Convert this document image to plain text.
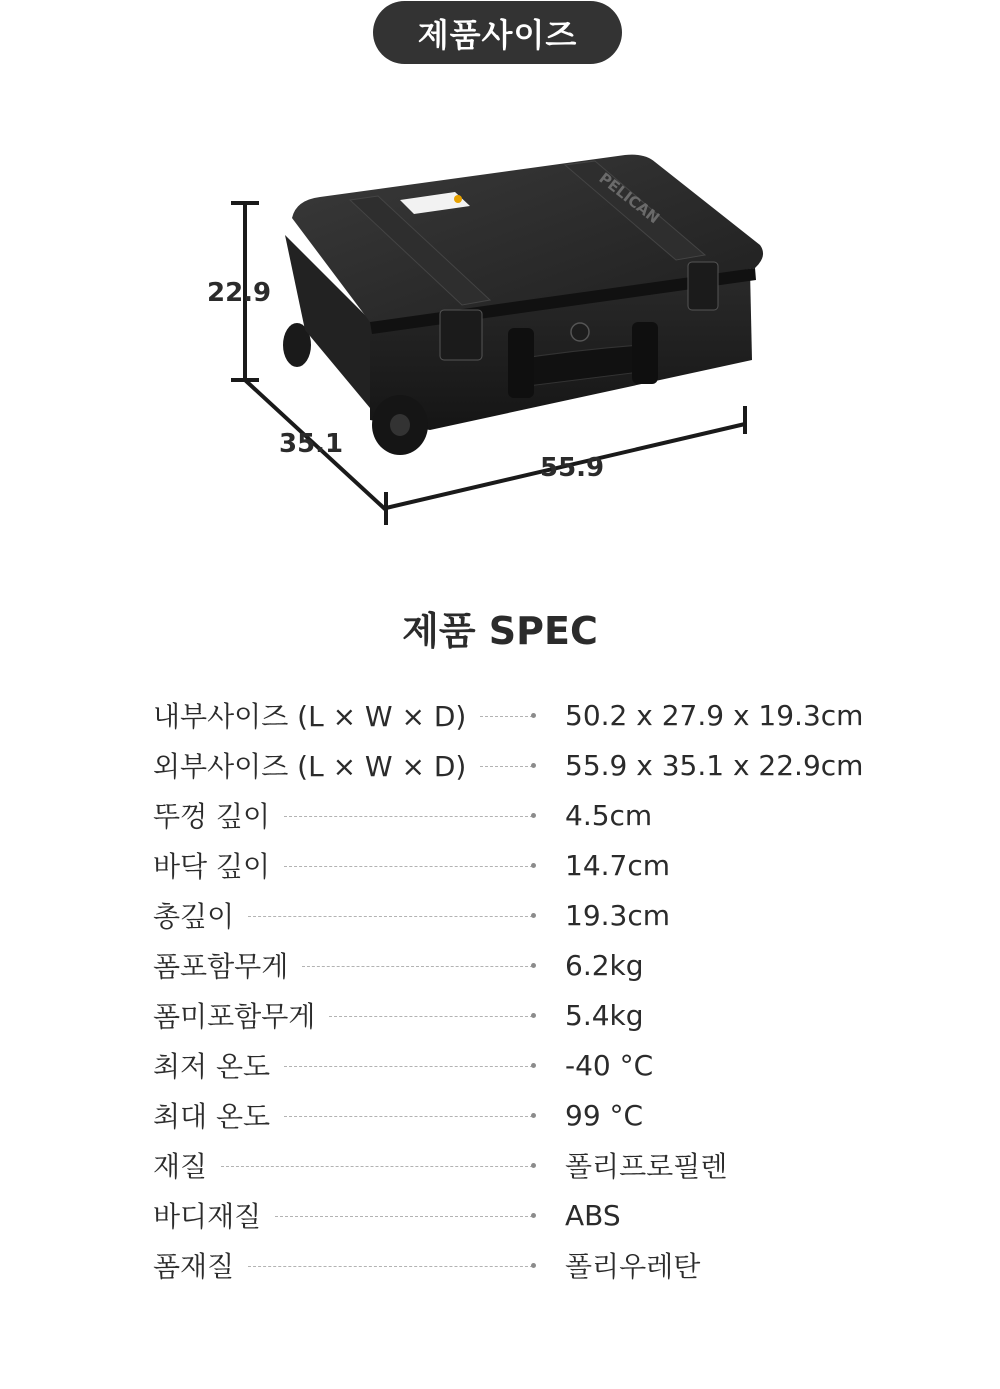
제품사이즈
PELICAN
22.9
35.1
55.9
제품 SPEC
내부사이즈 (L × W × D)	50.2 x 27.9 x 19.3cm
외부사이즈 (L × W × D)	55.9 x 35.1 x 22.9cm
뚜껑 깊이	4.5cm
바닥 깊이	14.7cm
총깊이	19.3cm
폼포함무게	6.2kg
폼미포함무게	5.4kg
최저 온도	-40 °C
최대 온도	99 °C
재질	폴리프로필렌
바디재질	ABS
폼재질	폴리우레탄
